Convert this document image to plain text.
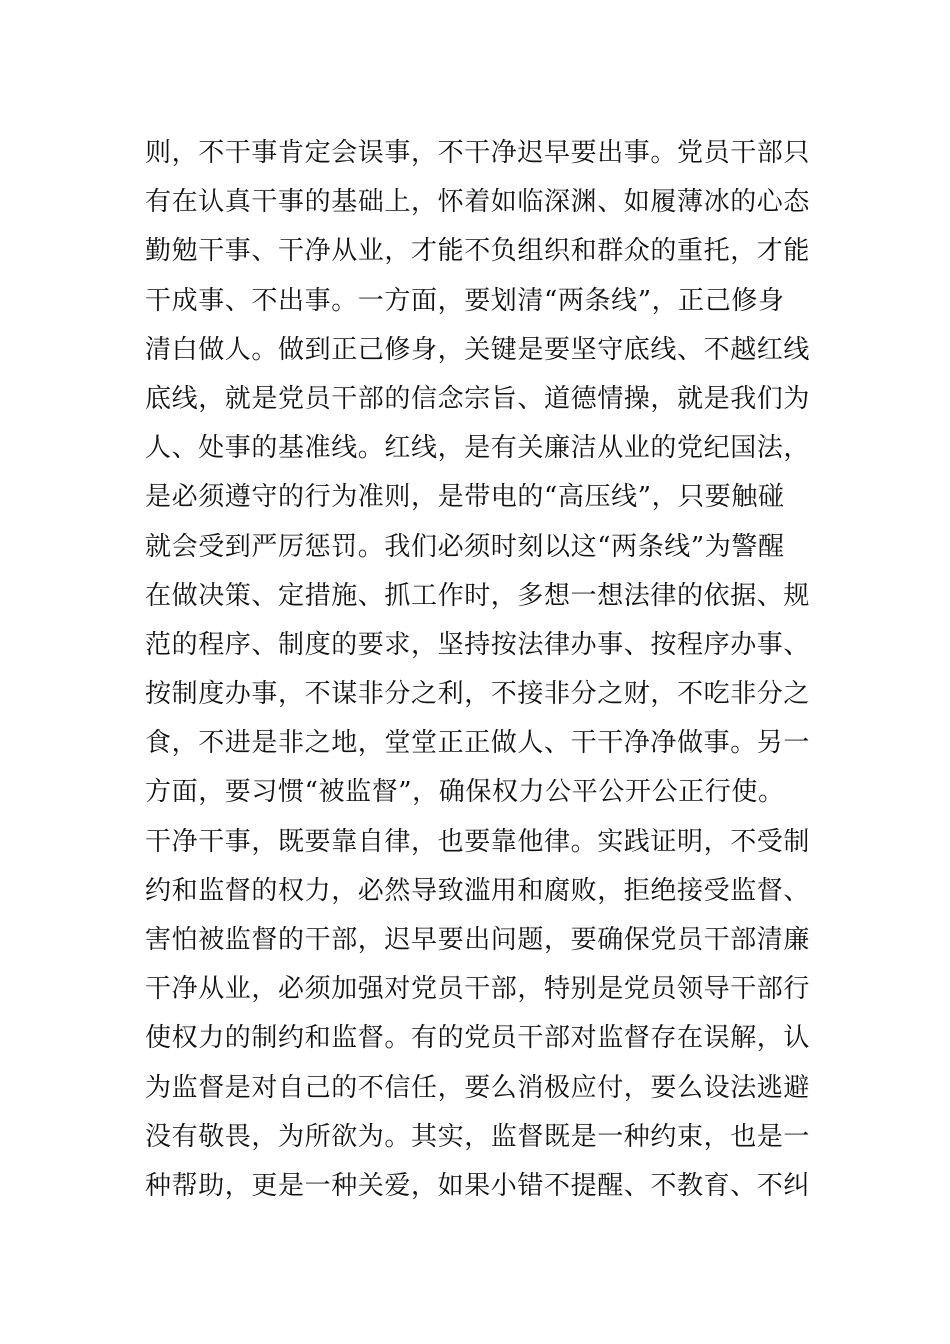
则，不干事肯定会误事，不干净迟早要出事。党员干部只
有在认真干事的基础上，怀着如临深渊、如履薄冰的心态
勤勉干事、干净从业，才能不负组织和群众的重托，才能
干成事、不出事。一方面，要划清“两条线”，正己修身
清白做人。做到正己修身，关键是要坚守底线、不越红线
底线，就是党员干部的信念宗旨、道德情操，就是我们为
人、处事的基准线。红线，是有关廉洁从业的党纪国法，
是必须遵守的行为准则，是带电的“高压线”，只要触碰
就会受到严厉惩罚。我们必须时刻以这“两条线”为警醒
在做决策、定措施、抓工作时，多想一想法律的依据、规
范的程序、制度的要求，坚持按法律办事、按程序办事、
按制度办事，不谋非分之利，不接非分之财，不吃非分之
食，不进是非之地，堂堂正正做人、干干净净做事。另一
方面，要习惯“被监督”，确保权力公平公开公正行使。
干净干事，既要靠自律，也要靠他律。实践证明，不受制
约和监督的权力，必然导致滥用和腐败，拒绝接受监督、
害怕被监督的干部，迟早要出问题，要确保党员干部清廉
干净从业，必须加强对党员干部，特别是党员领导干部行
使权力的制约和监督。有的党员干部对监督存在误解，认
为监督是对自己的不信任，要么消极应付，要么设法逃避
没有敬畏，为所欲为。其实，监督既是一种约束，也是一
种帮助，更是一种关爱，如果小错不提醒、不教育、不纠
